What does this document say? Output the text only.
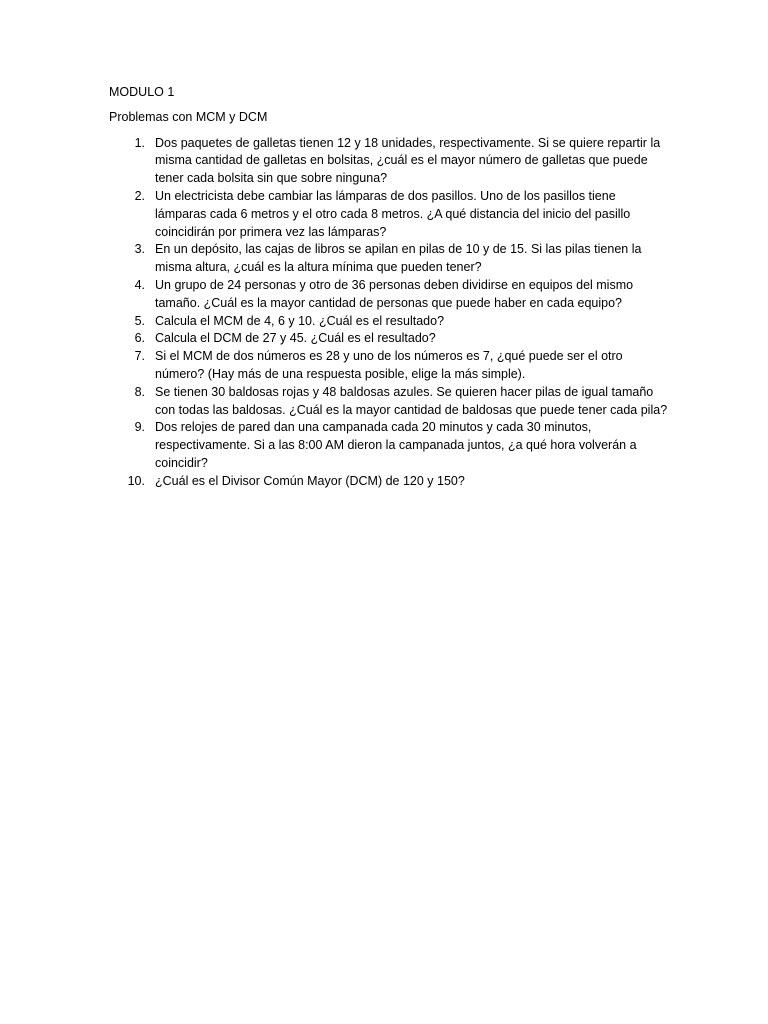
MODULO 1

Problemas con MCM y DCM

1. Dos paquetes de galletas tienen 12 y 18 unidades, respectivamente. Si se quiere repartir la misma cantidad de galletas en bolsitas, ¿cuál es el mayor número de galletas que puede tener cada bolsita sin que sobre ninguna?
2. Un electricista debe cambiar las lámparas de dos pasillos. Uno de los pasillos tiene lámparas cada 6 metros y el otro cada 8 metros. ¿A qué distancia del inicio del pasillo coincidirán por primera vez las lámparas?
3. En un depósito, las cajas de libros se apilan en pilas de 10 y de 15. Si las pilas tienen la misma altura, ¿cuál es la altura mínima que pueden tener?
4. Un grupo de 24 personas y otro de 36 personas deben dividirse en equipos del mismo tamaño. ¿Cuál es la mayor cantidad de personas que puede haber en cada equipo?
5. Calcula el MCM de 4, 6 y 10. ¿Cuál es el resultado?
6. Calcula el DCM de 27 y 45. ¿Cuál es el resultado?
7. Si el MCM de dos números es 28 y uno de los números es 7, ¿qué puede ser el otro número? (Hay más de una respuesta posible, elige la más simple).
8. Se tienen 30 baldosas rojas y 48 baldosas azules. Se quieren hacer pilas de igual tamaño con todas las baldosas. ¿Cuál es la mayor cantidad de baldosas que puede tener cada pila?
9. Dos relojes de pared dan una campanada cada 20 minutos y cada 30 minutos, respectivamente. Si a las 8:00 AM dieron la campanada juntos, ¿a qué hora volverán a coincidir?
10. ¿Cuál es el Divisor Común Mayor (DCM) de 120 y 150?
